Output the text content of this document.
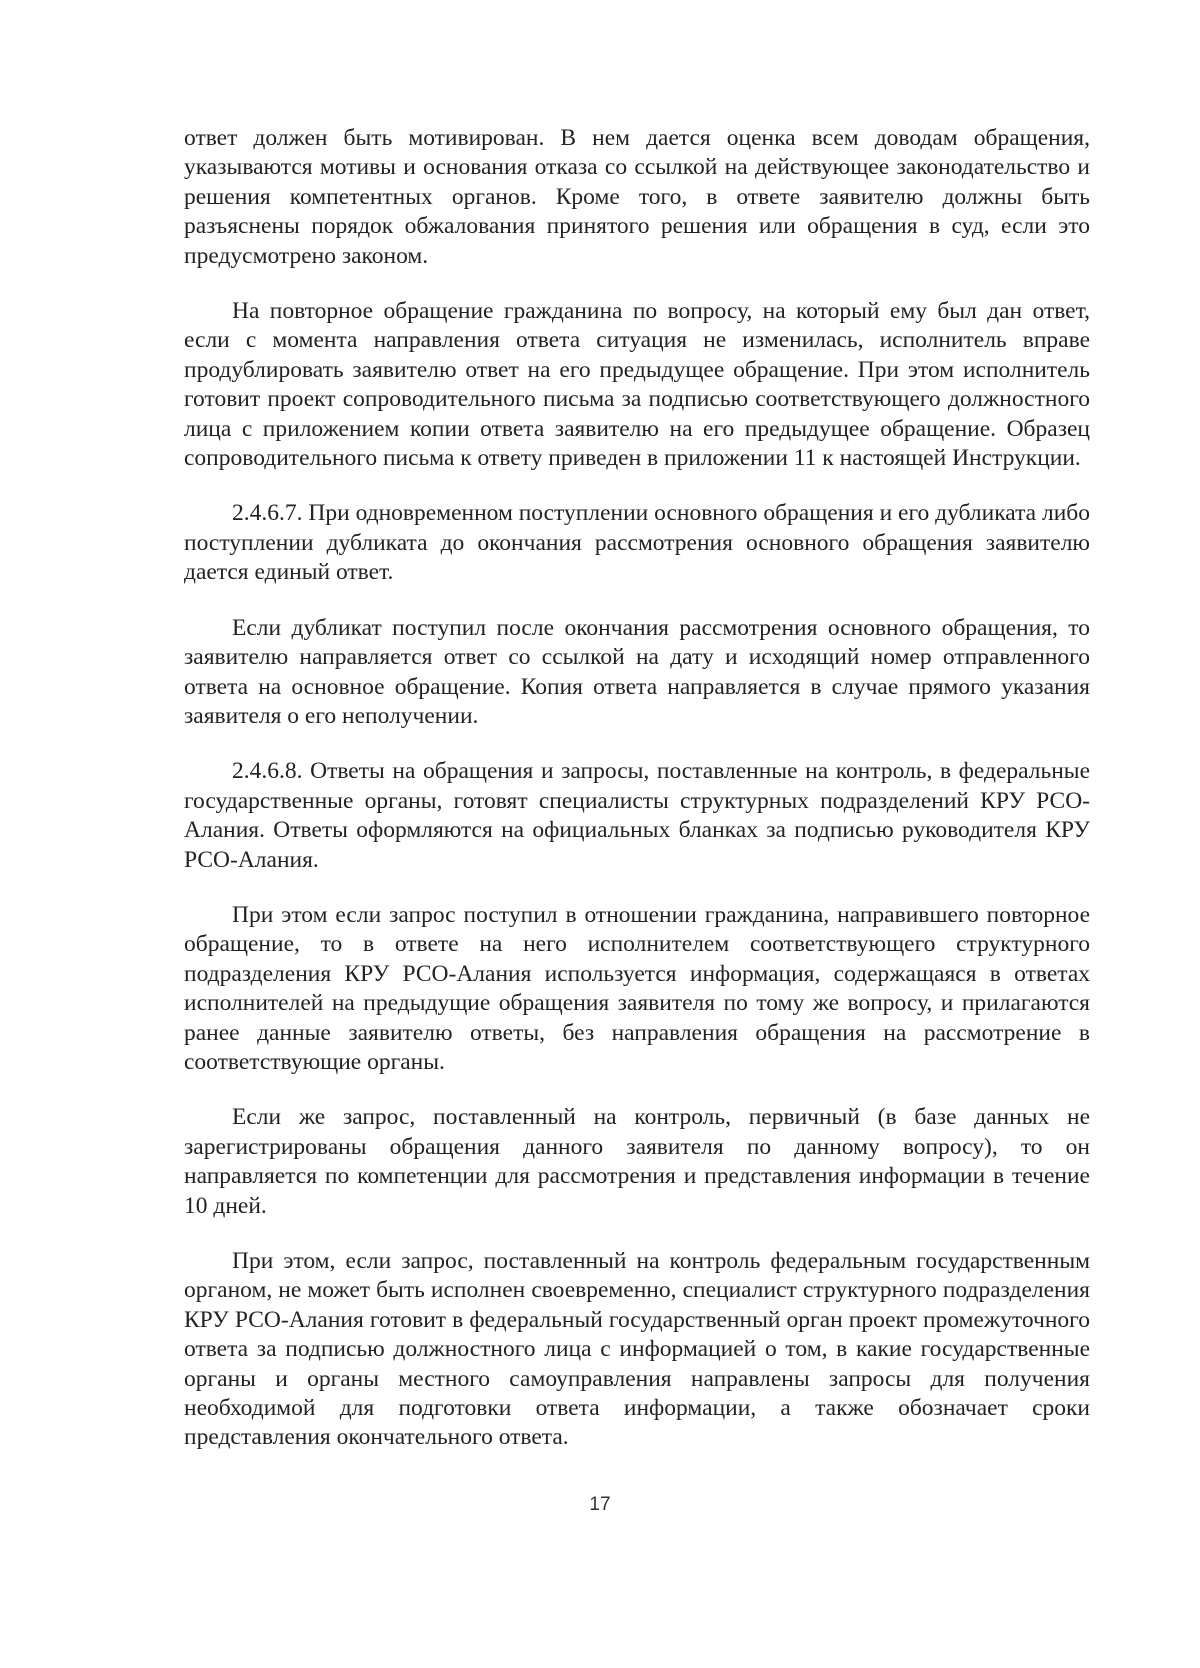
ответ должен быть мотивирован. В нем дается оценка всем доводам обращения, указываются мотивы и основания отказа со ссылкой на действующее законодательство и решения компетентных органов. Кроме того, в ответе заявителю должны быть разъяснены порядок обжалования принятого решения или обращения в суд, если это предусмотрено законом.

На повторное обращение гражданина по вопросу, на который ему был дан ответ, если с момента направления ответа ситуация не изменилась, исполнитель вправе продублировать заявителю ответ на его предыдущее обращение. При этом исполнитель готовит проект сопроводительного письма за подписью соответствующего должностного лица с приложением копии ответа заявителю на его предыдущее обращение. Образец сопроводительного письма к ответу приведен в приложении 11 к настоящей Инструкции.

2.4.6.7. При одновременном поступлении основного обращения и его дубликата либо поступлении дубликата до окончания рассмотрения основного обращения заявителю дается единый ответ.

Если дубликат поступил после окончания рассмотрения основного обращения, то заявителю направляется ответ со ссылкой на дату и исходящий номер отправленного ответа на основное обращение. Копия ответа направляется в случае прямого указания заявителя о его неполучении.

2.4.6.8. Ответы на обращения и запросы, поставленные на контроль, в федеральные государственные органы, готовят специалисты структурных подразделений КРУ РСО-Алания. Ответы оформляются на официальных бланках за подписью руководителя КРУ РСО-Алания.

При этом если запрос поступил в отношении гражданина, направившего повторное обращение, то в ответе на него исполнителем соответствующего структурного подразделения КРУ РСО-Алания используется информация, содержащаяся в ответах исполнителей на предыдущие обращения заявителя по тому же вопросу, и прилагаются ранее данные заявителю ответы, без направления обращения на рассмотрение в соответствующие органы.

Если же запрос, поставленный на контроль, первичный (в базе данных не зарегистрированы обращения данного заявителя по данному вопросу), то он направляется по компетенции для рассмотрения и представления информации в течение 10 дней.

При этом, если запрос, поставленный на контроль федеральным государственным органом, не может быть исполнен своевременно, специалист структурного подразделения КРУ РСО-Алания готовит в федеральный государственный орган проект промежуточного ответа за подписью должностного лица с информацией о том, в какие государственные органы и органы местного самоуправления направлены запросы для получения необходимой для подготовки ответа информации, а также обозначает сроки представления окончательного ответа.

17
